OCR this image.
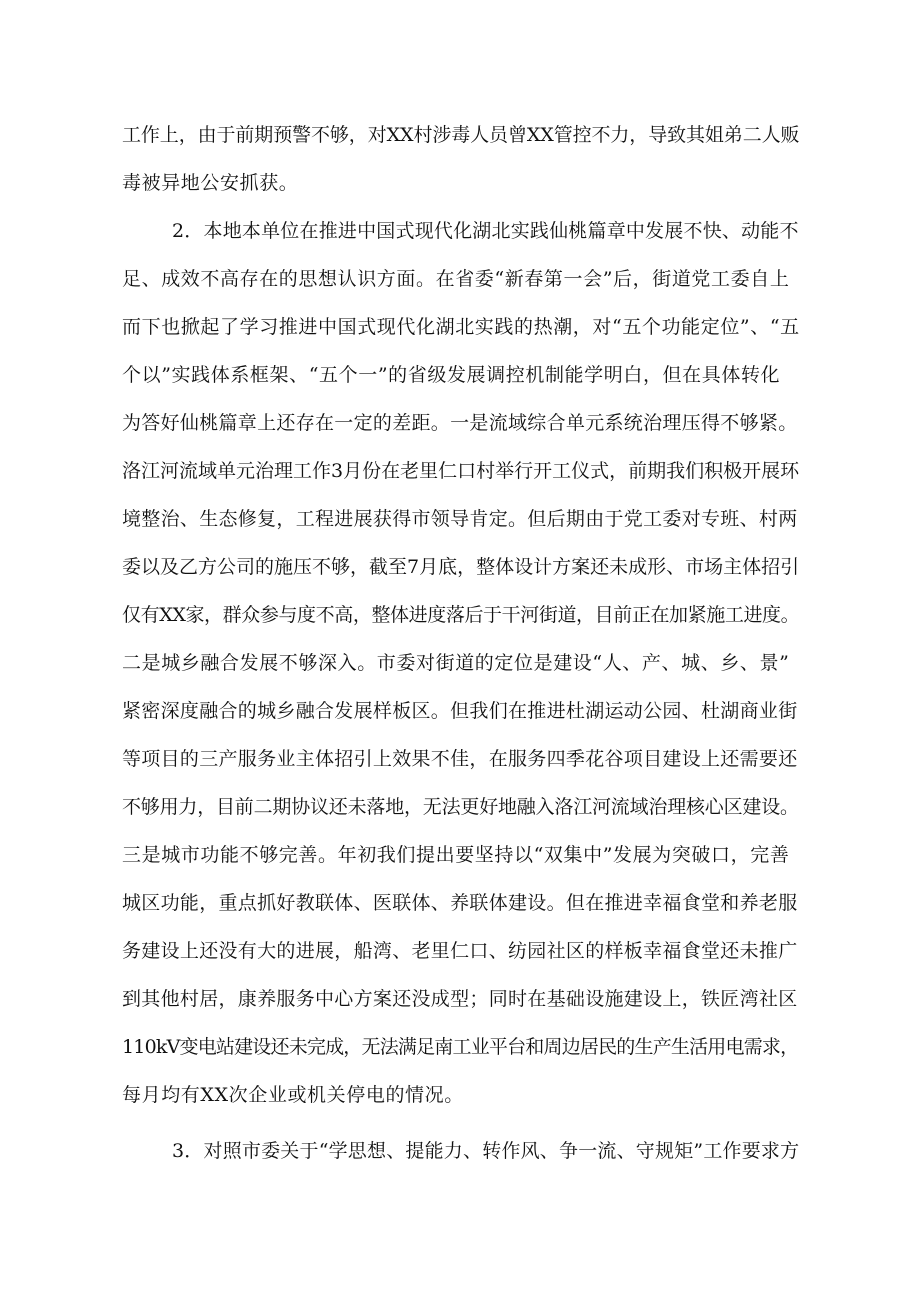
工作上，由于前期预警不够，对XX村涉毒人员曾XX管控不力，导致其姐弟二人贩
毒被异地公安抓获。
2．本地本单位在推进中国式现代化湖北实践仙桃篇章中发展不快、动能不
足、成效不高存在的思想认识方面。在省委“新春第一会”后，街道党工委自上
而下也掀起了学习推进中国式现代化湖北实践的热潮，对“五个功能定位”、“五
个以”实践体系框架、“五个一”的省级发展调控机制能学明白，但在具体转化
为答好仙桃篇章上还存在一定的差距。一是流域综合单元系统治理压得不够紧。
洛江河流域单元治理工作3月份在老里仁口村举行开工仪式，前期我们积极开展环
境整治、生态修复，工程进展获得市领导肯定。但后期由于党工委对专班、村两
委以及乙方公司的施压不够，截至7月底，整体设计方案还未成形、市场主体招引
仅有XX家，群众参与度不高，整体进度落后于干河街道，目前正在加紧施工进度。
二是城乡融合发展不够深入。市委对街道的定位是建设“人、产、城、乡、景”
紧密深度融合的城乡融合发展样板区。但我们在推进杜湖运动公园、杜湖商业街
等项目的三产服务业主体招引上效果不佳，在服务四季花谷项目建设上还需要还
不够用力，目前二期协议还未落地，无法更好地融入洛江河流域治理核心区建设。
三是城市功能不够完善。年初我们提出要坚持以“双集中”发展为突破口，完善
城区功能，重点抓好教联体、医联体、养联体建设。但在推进幸福食堂和养老服
务建设上还没有大的进展，船湾、老里仁口、纺园社区的样板幸福食堂还未推广
到其他村居，康养服务中心方案还没成型；同时在基础设施建设上，铁匠湾社区
110kV变电站建设还未完成，无法满足南工业平台和周边居民的生产生活用电需求，
每月均有XX次企业或机关停电的情况。
3．对照市委关于“学思想、提能力、转作风、争一流、守规矩”工作要求方
